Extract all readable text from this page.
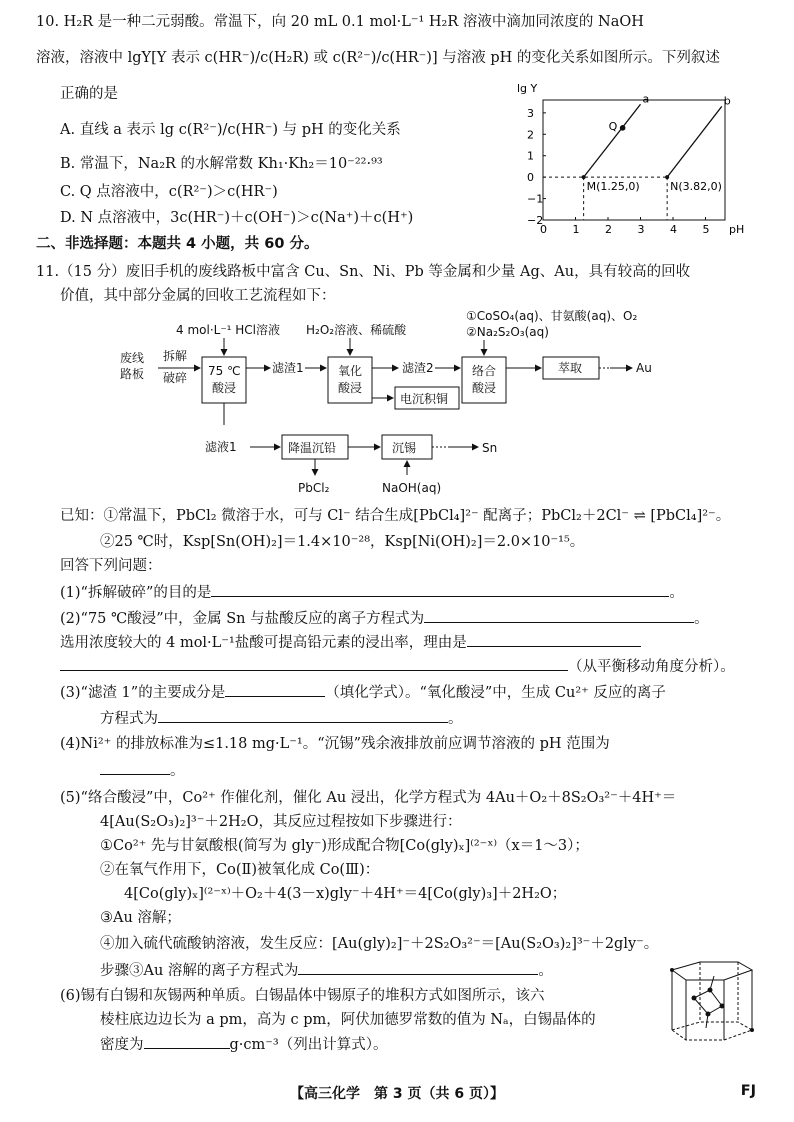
10. H₂R 是一种二元弱酸。常温下，向 20 mL 0.1 mol·L⁻¹ H₂R 溶液中滴加同浓度的 NaOH
溶液，溶液中 lgY[Y 表示 c(HR⁻)/c(H₂R) 或 c(R²⁻)/c(HR⁻)] 与溶液 pH 的变化关系如图所示。下列叙述
正确的是
A. 直线 a 表示 lg c(R²⁻)/c(HR⁻) 与 pH 的变化关系
B. 常温下，Na₂R 的水解常数 Kh₁·Kh₂＝10⁻²²·⁹³
C. Q 点溶液中，c(R²⁻)＞c(HR⁻)
D. N 点溶液中，3c(HR⁻)＋c(OH⁻)＞c(Na⁺)＋c(H⁺)
0 1 2 3 4 5
3
2
1
0
−1
−2
lg Y
pH
a	b
M(1.25,0)	N(3.82,0)
Q
二、非选择题：本题共 4 小题，共 60 分。
11.（15 分）废旧手机的废线路板中富含 Cu、Sn、Ni、Pb 等金属和少量 Ag、Au，具有较高的回收
价值，其中部分金属的回收工艺流程如下：
4 mol·L⁻¹ HCl溶液 H₂O₂溶液、稀硫酸
①CoSO₄(aq)、甘氨酸(aq)、O₂
②Na₂S₂O₃(aq)
废线
路板
拆解
破碎 75 ℃
酸浸
滤渣1	氧化
酸浸
滤渣2	络合
酸浸
萃取	Au
电沉积铜
滤液1	降温沉铅	沉锡
PbCl₂	NaOH(aq)
Sn
已知：①常温下，PbCl₂ 微溶于水，可与 Cl⁻ 结合生成[PbCl₄]²⁻ 配离子；PbCl₂＋2Cl⁻ ⇌ [PbCl₄]²⁻。
②25 ℃时，Ksp[Sn(OH)₂]＝1.4×10⁻²⁸，Ksp[Ni(OH)₂]＝2.0×10⁻¹⁵。
回答下列问题：
(1)“拆解破碎”的目的是	。
(2)“75 ℃酸浸”中，金属 Sn 与盐酸反应的离子方程式为	。
选用浓度较大的 4 mol·L⁻¹盐酸可提高铅元素的浸出率，理由是
（从平衡移动角度分析）。
(3)“滤渣 1”的主要成分是	（填化学式）。“氧化酸浸”中，生成 Cu²⁺ 反应的离子
方程式为	。
(4)Ni²⁺ 的排放标准为≤1.18 mg·L⁻¹。“沉锡”残余液排放前应调节溶液的 pH 范围为
。
(5)“络合酸浸”中，Co²⁺ 作催化剂，催化 Au 浸出，化学方程式为 4Au＋O₂＋8S₂O₃²⁻＋4H⁺＝
4[Au(S₂O₃)₂]³⁻＋2H₂O，其反应过程按如下步骤进行：
①Co²⁺ 先与甘氨酸根(简写为 gly⁻)形成配合物[Co(gly)ₓ]⁽²⁻ˣ⁾（x＝1～3）；
②在氧气作用下，Co(Ⅱ)被氧化成 Co(Ⅲ)：
4[Co(gly)ₓ]⁽²⁻ˣ⁾＋O₂＋4(3－x)gly⁻＋4H⁺＝4[Co(gly)₃]＋2H₂O；
③Au 溶解；
④加入硫代硫酸钠溶液，发生反应：[Au(gly)₂]⁻＋2S₂O₃²⁻＝[Au(S₂O₃)₂]³⁻＋2gly⁻。
步骤③Au 溶解的离子方程式为	。
(6)锡有白锡和灰锡两种单质。白锡晶体中锡原子的堆积方式如图所示，该六
棱柱底边边长为 a pm，高为 c pm，阿伏加德罗常数的值为 Nₐ，白锡晶体的
密度为	g·cm⁻³（列出计算式）。
【高三化学　第 3 页（共 6 页）】	FJ
